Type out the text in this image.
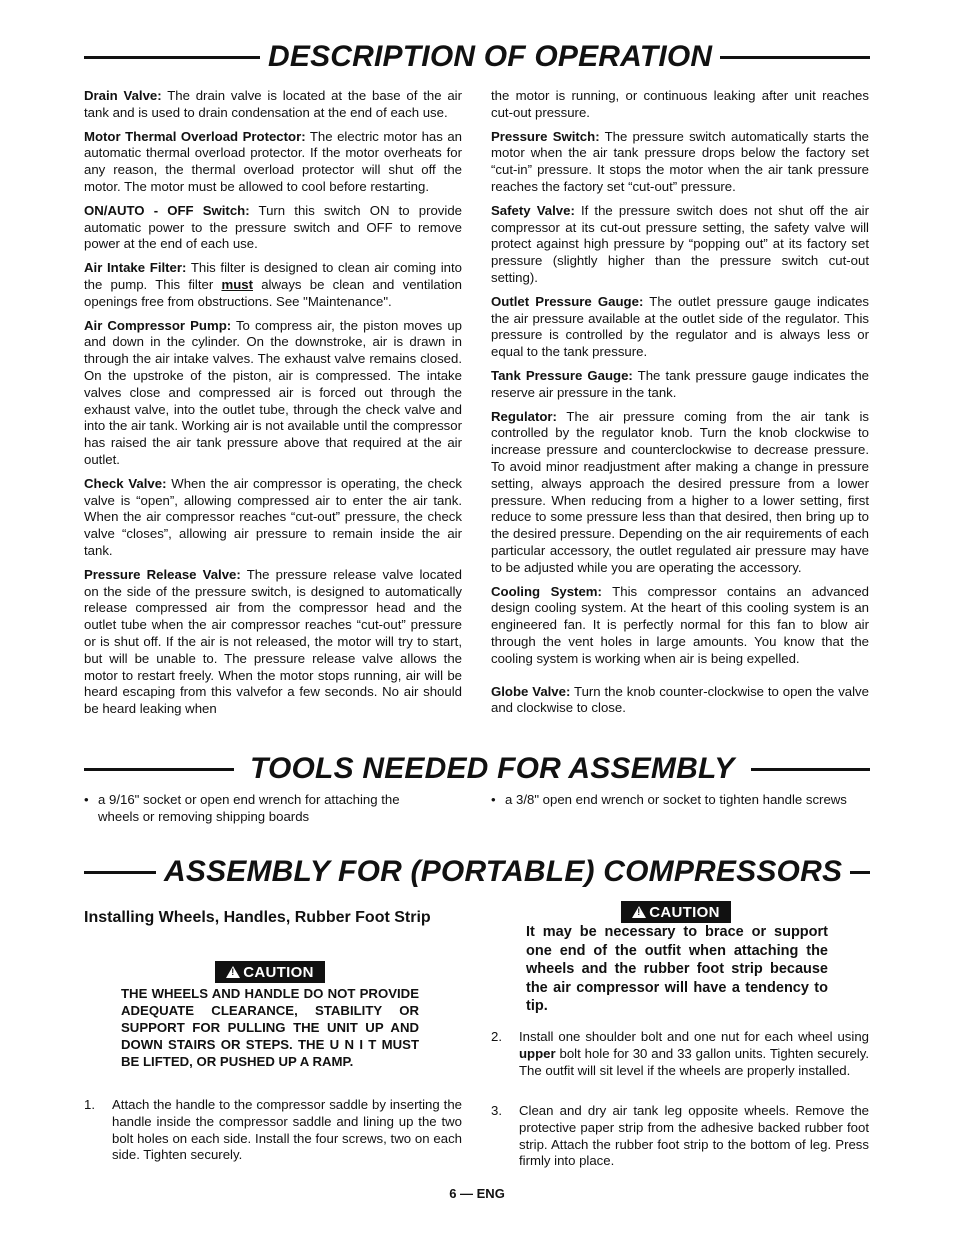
DESCRIPTION OF OPERATION

Drain Valve: The drain valve is located at the base of the air tank and is used to drain condensation at the end of each use.

Motor Thermal Overload Protector: The electric motor has an automatic thermal overload protector. If the motor overheats for any reason, the thermal overload protector will shut off the motor. The motor must be allowed to cool before restarting.

ON/AUTO - OFF Switch: Turn this switch ON to provide automatic power to the pressure switch and OFF to remove power at the end of each use.

Air Intake Filter: This filter is designed to clean air coming into the pump. This filter must always be clean and ventilation openings free from obstructions. See "Maintenance".

Air Compressor Pump: To compress air, the piston moves up and down in the cylinder. On the downstroke, air is drawn in through the air intake valves. The exhaust valve remains closed. On the upstroke of the piston, air is compressed. The intake valves close and compressed air is forced out through the exhaust valve, into the outlet tube, through the check valve and into the air tank. Working air is not available until the compressor has raised the air tank pressure above that required at the air outlet.

Check Valve: When the air compressor is operating, the check valve is “open”, allowing compressed air to enter the air tank. When the air compressor reaches “cut-out” pressure, the check valve “closes”, allowing air pressure to remain inside the air tank.

Pressure Release Valve: The pressure release valve located on the side of the pressure switch, is designed to automatically release compressed air from the compressor head and the outlet tube when the air compressor reaches “cut-out” pressure or is shut off. If the air is not released, the motor will try to start, but will be unable to. The pressure release valve allows the motor to restart freely. When the motor stops running, air will be heard escaping from this valvefor a few seconds. No air should be heard leaking when

the motor is running, or continuous leaking after unit reaches cut-out pressure.

Pressure Switch: The pressure switch automatically starts the motor when the air tank pressure drops below the factory set “cut-in” pressure. It stops the motor when the air tank pressure reaches the factory set “cut-out” pressure.

Safety Valve: If the pressure switch does not shut off the air compressor at its cut-out pressure setting, the safety valve will protect against high pressure by “popping out” at its factory set pressure (slightly higher than the pressure switch cut-out setting).

Outlet Pressure Gauge: The outlet pressure gauge indicates the air pressure available at the outlet side of the regulator. This pressure is controlled by the regulator and is always less or equal to the tank pressure.

Tank Pressure Gauge: The tank pressure gauge indicates the reserve air pressure in the tank.

Regulator: The air pressure coming from the air tank is controlled by the regulator knob. Turn the knob clockwise to increase pressure and counterclockwise to decrease pressure. To avoid minor readjustment after making a change in pressure setting, always approach the desired pressure from a lower pressure. When reducing from a higher to a lower setting, first reduce to some pressure less than that desired, then bring up to the desired pressure. Depending on the air requirements of each particular accessory, the outlet regulated air pressure may have to be adjusted while you are operating the accessory.

Cooling System: This compressor contains an advanced design cooling system. At the heart of this cooling system is an engineered fan. It is perfectly normal for this fan to blow air through the vent holes in large amounts. You know that the cooling system is working when air is being expelled.

Globe Valve: Turn the knob counter-clockwise to open the valve and clockwise to close.

TOOLS NEEDED FOR ASSEMBLY
• a 9/16" socket or open end wrench for attaching the wheels or removing shipping boards
• a 3/8" open end wrench or socket to tighten handle screws
ASSEMBLY FOR (PORTABLE) COMPRESSORS
Installing Wheels, Handles, Rubber Foot Strip
!
CAUTION
THE WHEELS AND HANDLE DO NOT PROVIDE ADEQUATE CLEARANCE, STABILITY OR SUPPORT FOR PULLING THE UNIT UP AND DOWN STAIRS OR STEPS. THE U N I T MUST BE LIFTED, OR PUSHED UP A RAMP.
1. Attach the handle to the compressor saddle by inserting the handle inside the compressor saddle and lining up the two bolt holes on each side. Install the four screws, two on each side. Tighten securely.
!
CAUTION
It may be necessary to brace or support one end of the outfit when attaching the wheels and the rubber foot strip because the air compressor will have a tendency to tip.
2. Install one shoulder bolt and one nut for each wheel using upper bolt hole for 30 and 33 gallon units. Tighten securely. The outfit will sit level if the wheels are properly installed.
3. Clean and dry air tank leg opposite wheels. Remove the protective paper strip from the adhesive backed rubber foot strip. Attach the rubber foot strip to the bottom of leg. Press firmly into place.
6 — ENG
